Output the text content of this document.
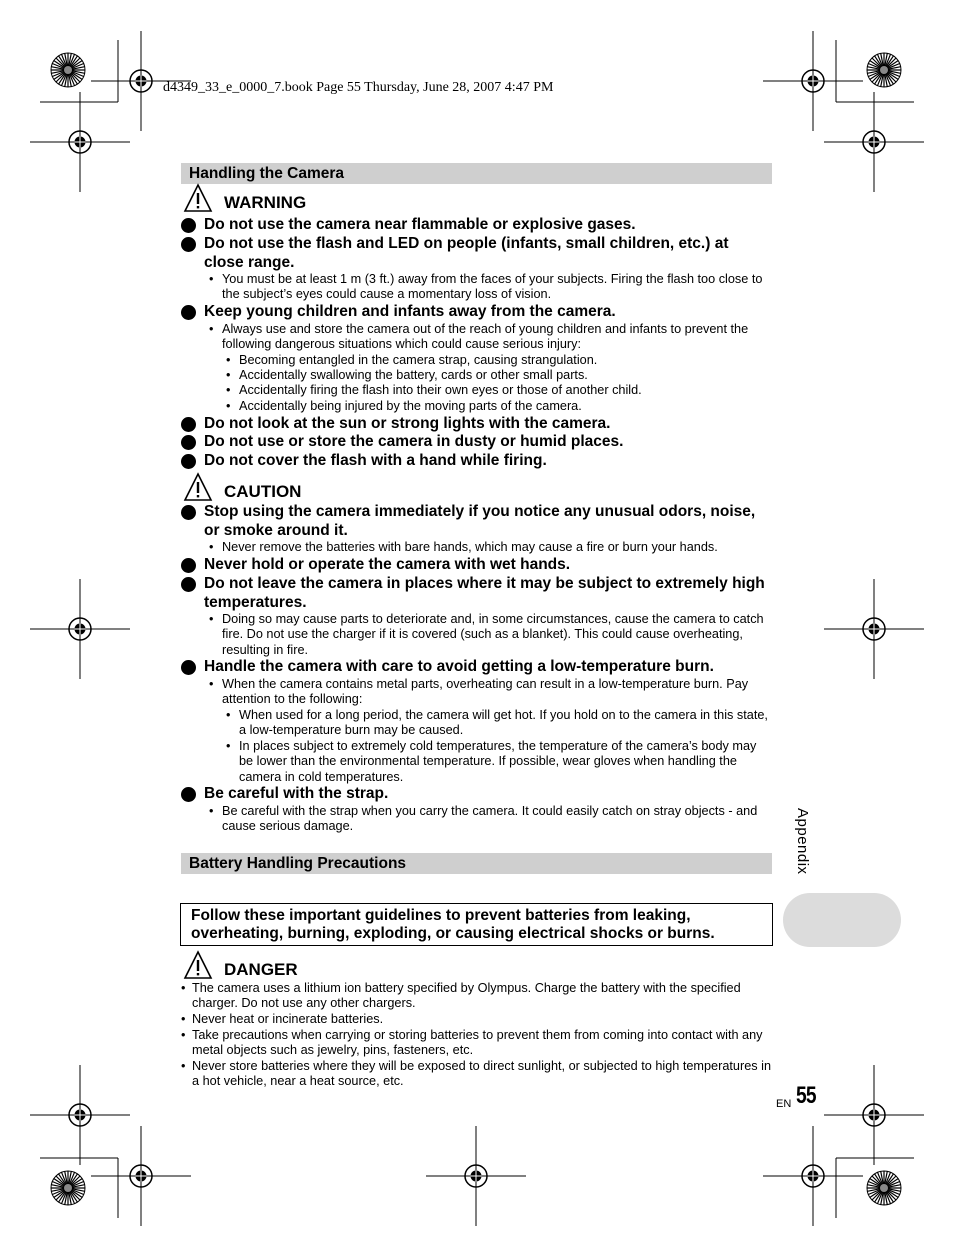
d4349_33_e_0000_7.book Page 55 Thursday, June 28, 2007 4:47 PM
Handling the Camera
WARNING
Do not use the camera near flammable or explosive gases.
Do not use the flash and LED on people (infants, small children, etc.) at close range.
• You must be at least 1 m (3 ft.) away from the faces of your subjects. Firing the flash too close to the subject’s eyes could cause a momentary loss of vision.
Keep young children and infants away from the camera.
• Always use and store the camera out of the reach of young children and infants to prevent the following dangerous situations which could cause serious injury:
• Becoming entangled in the camera strap, causing strangulation.
• Accidentally swallowing the battery, cards or other small parts.
• Accidentally firing the flash into their own eyes or those of another child.
• Accidentally being injured by the moving parts of the camera.
Do not look at the sun or strong lights with the camera.
Do not use or store the camera in dusty or humid places.
Do not cover the flash with a hand while firing.
CAUTION
Stop using the camera immediately if you notice any unusual odors, noise, or smoke around it.
• Never remove the batteries with bare hands, which may cause a fire or burn your hands.
Never hold or operate the camera with wet hands.
Do not leave the camera in places where it may be subject to extremely high temperatures.
• Doing so may cause parts to deteriorate and, in some circumstances, cause the camera to catch fire. Do not use the charger if it is covered (such as a blanket). This could cause overheating, resulting in fire.
Handle the camera with care to avoid getting a low-temperature burn.
• When the camera contains metal parts, overheating can result in a low-temperature burn. Pay attention to the following:
• When used for a long period, the camera will get hot. If you hold on to the camera in this state, a low-temperature burn may be caused.
• In places subject to extremely cold temperatures, the temperature of the camera’s body may be lower than the environmental temperature. If possible, wear gloves when handling the camera in cold temperatures.
Be careful with the strap.
• Be careful with the strap when you carry the camera. It could easily catch on stray objects - and cause serious damage.
Battery Handling Precautions
Follow these important guidelines to prevent batteries from leaking, overheating, burning, exploding, or causing electrical shocks or burns.
DANGER
• The camera uses a lithium ion battery specified by Olympus. Charge the battery with the specified charger. Do not use any other chargers.
• Never heat or incinerate batteries.
• Take precautions when carrying or storing batteries to prevent them from coming into contact with any metal objects such as jewelry, pins, fasteners, etc.
• Never store batteries where they will be exposed to direct sunlight, or subjected to high temperatures in a hot vehicle, near a heat source, etc.
Appendix
EN 55
